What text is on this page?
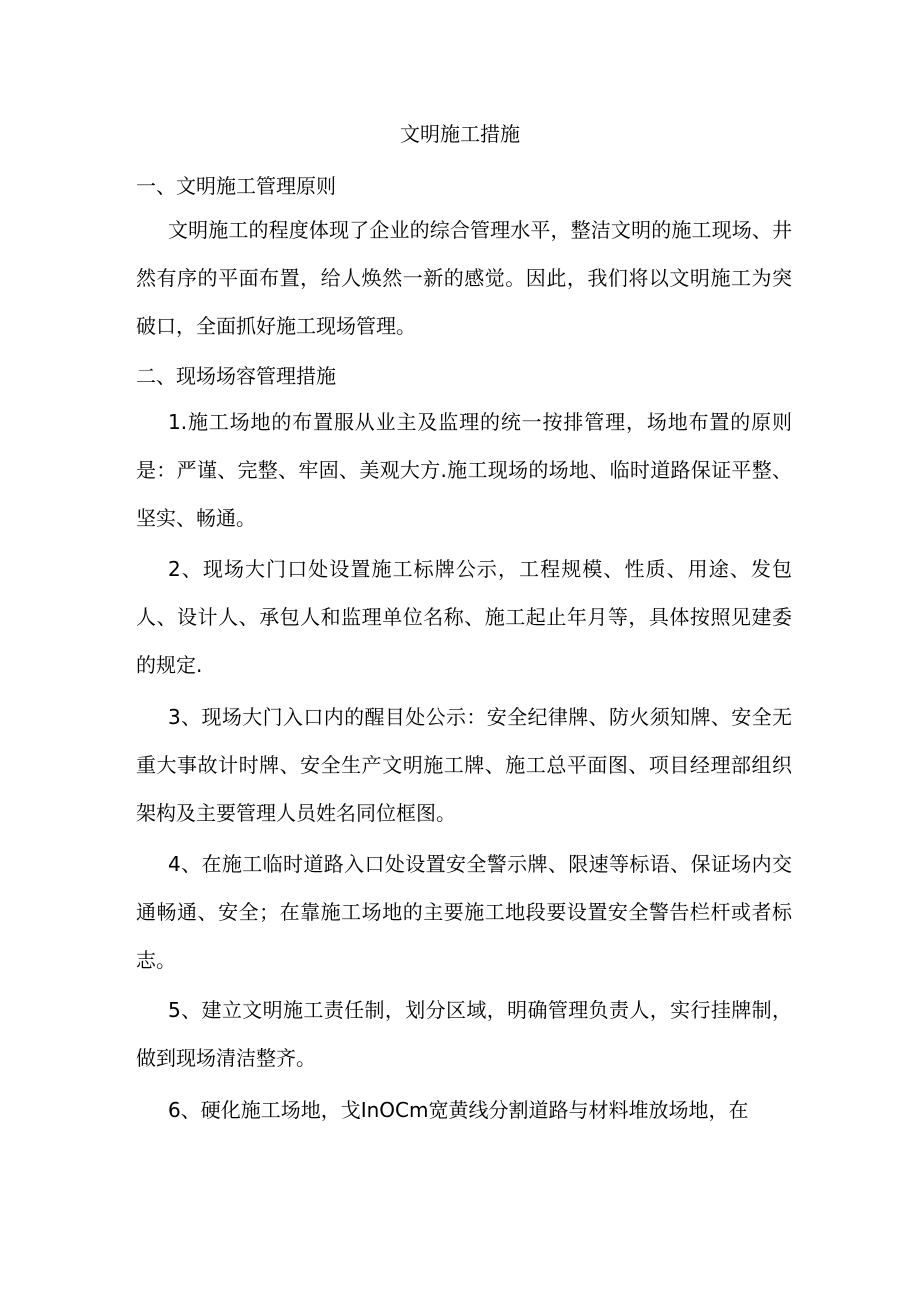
文明施工措施
一、文明施工管理原则
文明施工的程度体现了企业的综合管理水平，整洁文明的施工现场、井然有序的平面布置，给人焕然一新的感觉。因此，我们将以文明施工为突破口，全面抓好施工现场管理。
二、现场场容管理措施
1.施工场地的布置服从业主及监理的统一按排管理，场地布置的原则是：严谨、完整、牢固、美观大方.施工现场的场地、临时道路保证平整、坚实、畅通。
2、现场大门口处设置施工标牌公示，工程规模、性质、用途、发包人、设计人、承包人和监理单位名称、施工起止年月等，具体按照见建委的规定.
3、现场大门入口内的醒目处公示：安全纪律牌、防火须知牌、安全无重大事故计时牌、安全生产文明施工牌、施工总平面图、项目经理部组织架构及主要管理人员姓名同位框图。
4、在施工临时道路入口处设置安全警示牌、限速等标语、保证场内交通畅通、安全；在靠施工场地的主要施工地段要设置安全警告栏杆或者标志。
5、建立文明施工责任制，划分区域，明确管理负责人，实行挂牌制，做到现场清洁整齐。
6、硬化施工场地，戈InOCm宽黄线分割道路与材料堆放场地，在
